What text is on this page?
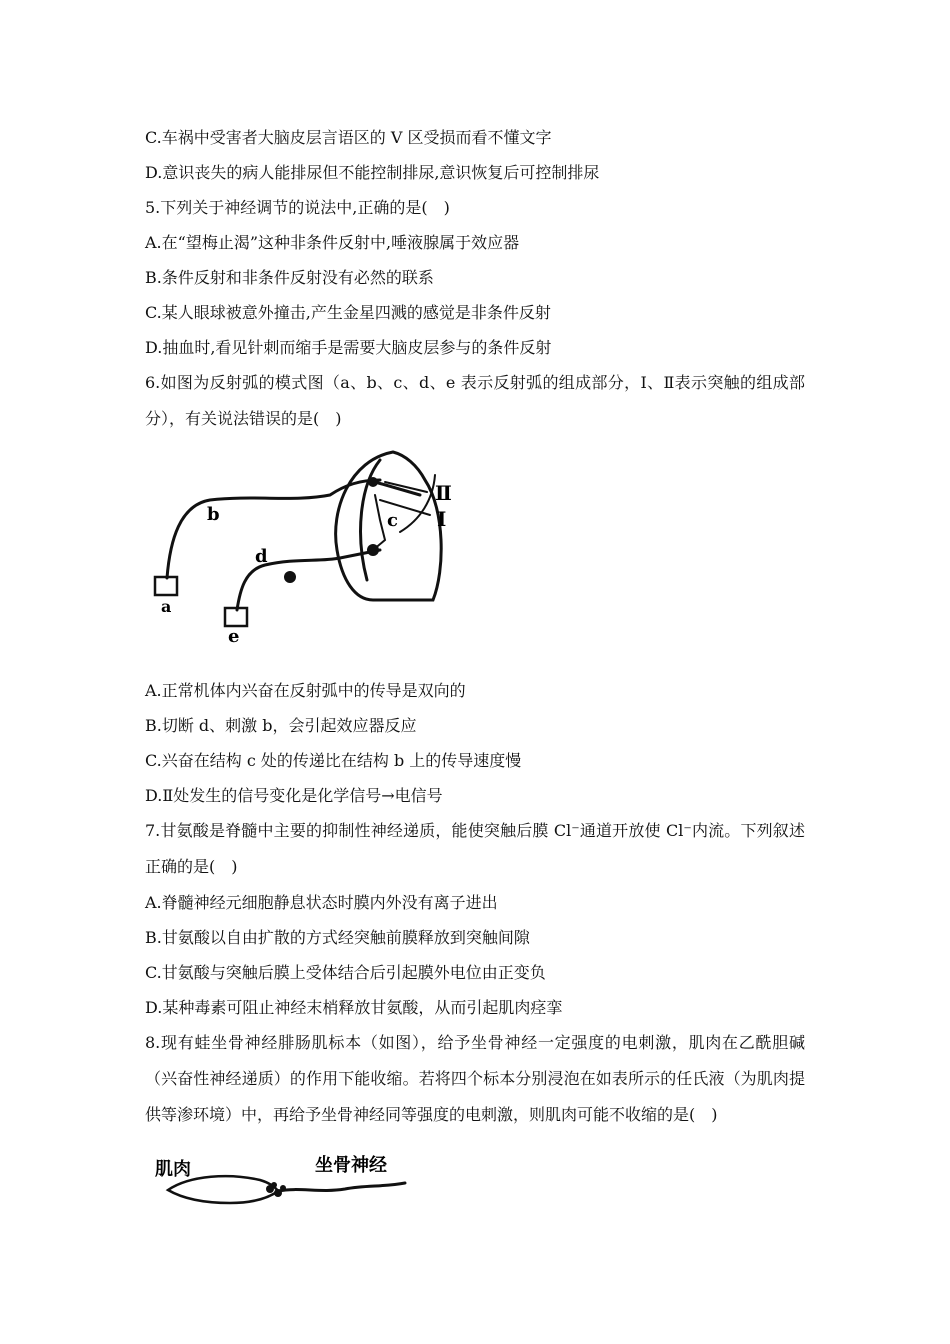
C.车祸中受害者大脑皮层言语区的 V 区受损而看不懂文字
D.意识丧失的病人能排尿但不能控制排尿,意识恢复后可控制排尿
5.下列关于神经调节的说法中,正确的是(　)
A.在“望梅止渴”这种非条件反射中,唾液腺属于效应器
B.条件反射和非条件反射没有必然的联系
C.某人眼球被意外撞击,产生金星四溅的感觉是非条件反射
D.抽血时,看见针刺而缩手是需要大脑皮层参与的条件反射
6.如图为反射弧的模式图（a、b、c、d、e 表示反射弧的组成部分，Ⅰ、Ⅱ表示突触的组成部分），有关说法错误的是(　)
a
b	c
d
e
Ⅱ
Ⅰ
A.正常机体内兴奋在反射弧中的传导是双向的
B.切断 d、刺激 b，会引起效应器反应
C.兴奋在结构 c 处的传递比在结构 b 上的传导速度慢
D.Ⅱ处发生的信号变化是化学信号→电信号
7.甘氨酸是脊髓中主要的抑制性神经递质，能使突触后膜 Cl⁻通道开放使 Cl⁻内流。下列叙述正确的是(　)
A.脊髓神经元细胞静息状态时膜内外没有离子进出
B.甘氨酸以自由扩散的方式经突触前膜释放到突触间隙
C.甘氨酸与突触后膜上受体结合后引起膜外电位由正变负
D.某种毒素可阻止神经末梢释放甘氨酸，从而引起肌肉痉挛
8.现有蛙坐骨神经腓肠肌标本（如图），给予坐骨神经一定强度的电刺激，肌肉在乙酰胆碱（兴奋性神经递质）的作用下能收缩。若将四个标本分别浸泡在如表所示的任氏液（为肌肉提供等渗环境）中，再给予坐骨神经同等强度的电刺激，则肌肉可能不收缩的是(　)
肌肉	坐骨神经
